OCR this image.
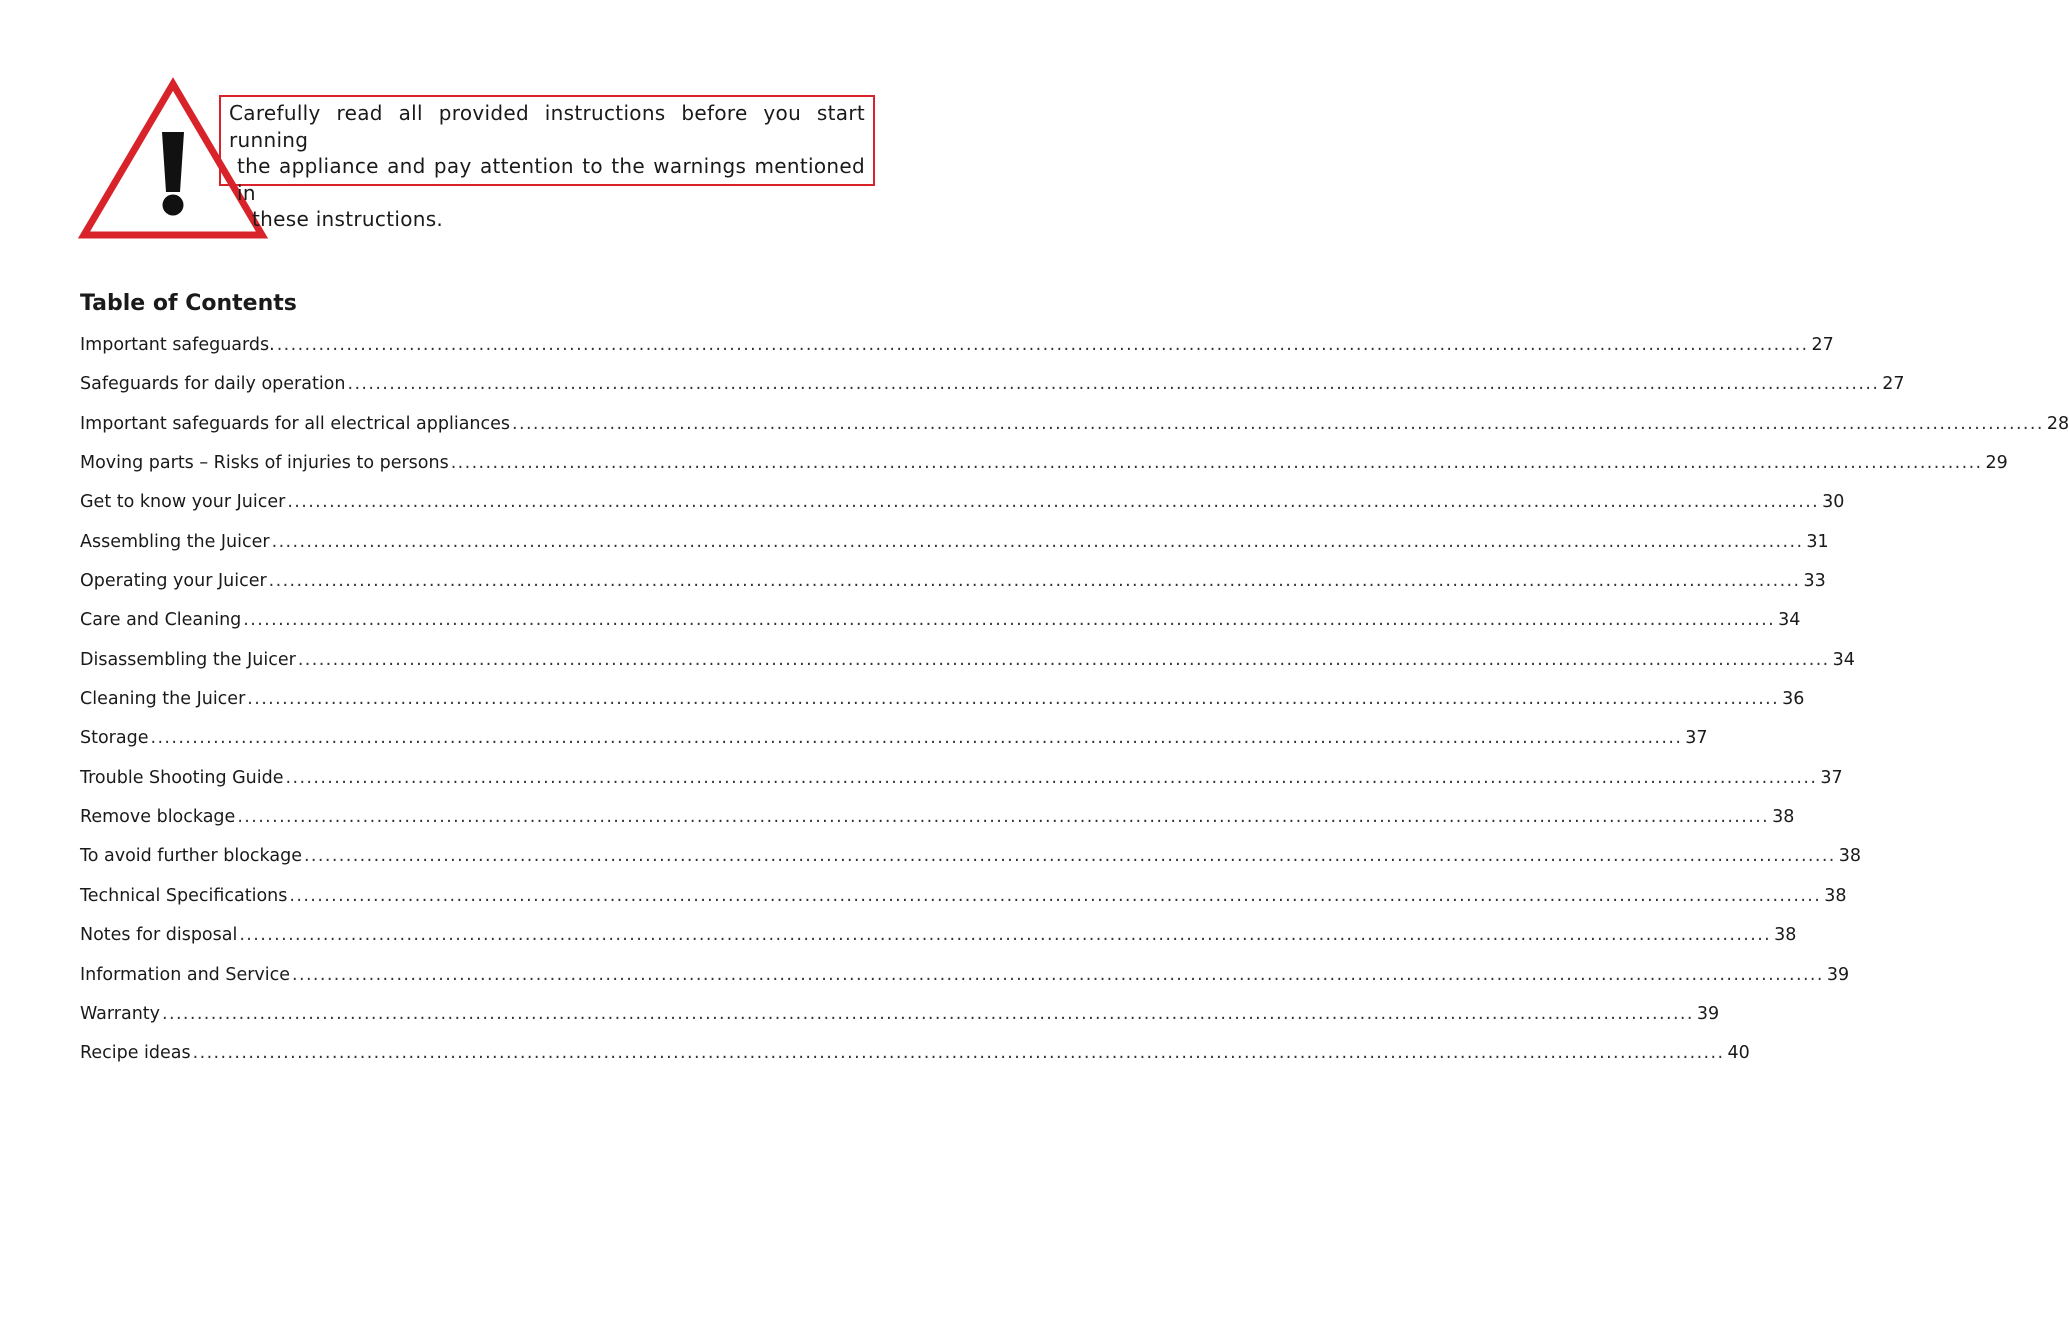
Carefully read all provided instructions before you start running
the appliance and pay attention to the warnings mentioned in
these instructions.
Table of Contents
Important safeguards. ............................................................................................................................................................................................................................ 27
Safeguards for daily operation ............................................................................................................................................................................................................................ 27
Important safeguards for all electrical appliances ............................................................................................................................................................................................................................ 28
Moving parts – Risks of injuries to persons ............................................................................................................................................................................................................................ 29
Get to know your Juicer ............................................................................................................................................................................................................................ 30
Assembling the Juicer ............................................................................................................................................................................................................................ 31
Operating your Juicer ............................................................................................................................................................................................................................ 33
Care and Cleaning ............................................................................................................................................................................................................................ 34
Disassembling the Juicer ............................................................................................................................................................................................................................ 34
Cleaning the Juicer ............................................................................................................................................................................................................................ 36
Storage ............................................................................................................................................................................................................................ 37
Trouble Shooting Guide ............................................................................................................................................................................................................................ 37
Remove blockage ............................................................................................................................................................................................................................ 38
To avoid further blockage ............................................................................................................................................................................................................................ 38
Technical Specifications ............................................................................................................................................................................................................................ 38
Notes for disposal ............................................................................................................................................................................................................................ 38
Information and Service ............................................................................................................................................................................................................................ 39
Warranty ............................................................................................................................................................................................................................ 39
Recipe ideas ............................................................................................................................................................................................................................ 40
